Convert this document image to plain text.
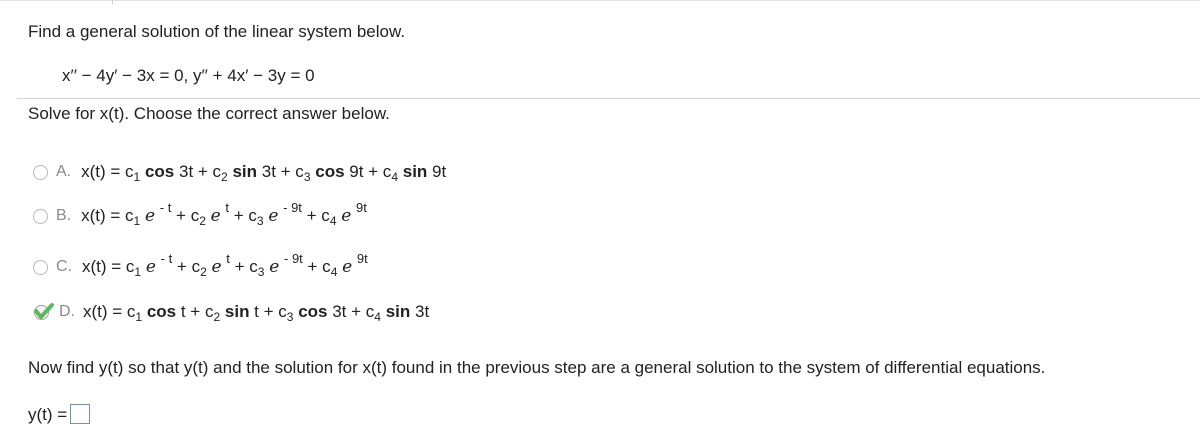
Find a general solution of the linear system below.
x′′ − 4y′ − 3x = 0, y′′ + 4x′ − 3y = 0
Solve for x(t). Choose the correct answer below.
A. $x(t) = c_1$ $\cos 3t + c_2$ $\sin 3t + c_3$ $\cos 9t + c_4$ sin 9t
B. $x(t) = c_1$ e $^{- t} + c_2$ e $^t + c_3$ e $^{- 9t} + c_4$ e $^{9t}$
C. $x(t) = c_1$ e $^{- t} + c_2$ e $^t + c_3$ e $^{- 9t} + c_4$ e $^{9t}$
D. $x(t) = c_1$ $\cos t + c_2$ $\sin t + c_3$ $\cos 3t + c_4$ sin 3t
Now find y(t) so that y(t) and the solution for x(t) found in the previous step are a general solution to the system of differential equations.
y(t) =
